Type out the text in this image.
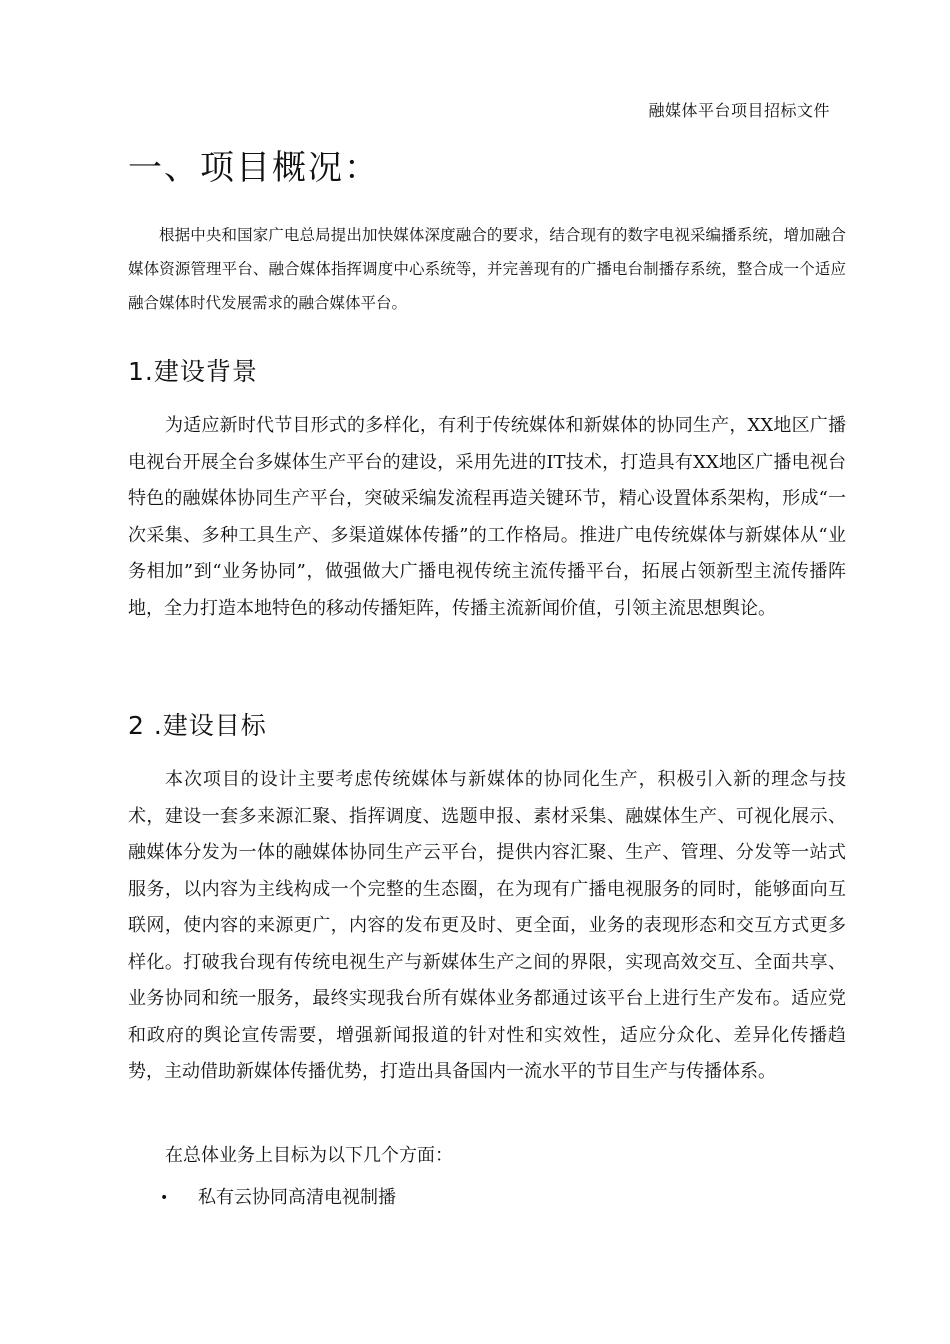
融媒体平台项目招标文件
一、项目概况：

根据中央和国家广电总局提出加快媒体深度融合的要求，结合现有的数字电视采编播系统，增加融合媒体资源管理平台、融合媒体指挥调度中心系统等，并完善现有的广播电台制播存系统，整合成一个适应融合媒体时代发展需求的融合媒体平台。

1.建设背景

为适应新时代节目形式的多样化，有利于传统媒体和新媒体的协同生产，XX地区广播电视台开展全台多媒体生产平台的建设，采用先进的IT技术，打造具有XX地区广播电视台特色的融媒体协同生产平台，突破采编发流程再造关键环节，精心设置体系架构，形成“一次采集、多种工具生产、多渠道媒体传播”的工作格局。推进广电传统媒体与新媒体从“业务相加”到“业务协同”，做强做大广播电视传统主流传播平台，拓展占领新型主流传播阵地，全力打造本地特色的移动传播矩阵，传播主流新闻价值，引领主流思想舆论。

2 .建设目标

本次项目的设计主要考虑传统媒体与新媒体的协同化生产，积极引入新的理念与技术，建设一套多来源汇聚、指挥调度、选题申报、素材采集、融媒体生产、可视化展示、融媒体分发为一体的融媒体协同生产云平台，提供内容汇聚、生产、管理、分发等一站式服务，以内容为主线构成一个完整的生态圈，在为现有广播电视服务的同时，能够面向互联网，使内容的来源更广，内容的发布更及时、更全面，业务的表现形态和交互方式更多样化。打破我台现有传统电视生产与新媒体生产之间的界限，实现高效交互、全面共享、业务协同和统一服务，最终实现我台所有媒体业务都通过该平台上进行生产发布。适应党和政府的舆论宣传需要，增强新闻报道的针对性和实效性，适应分众化、差异化传播趋势，主动借助新媒体传播优势，打造出具备国内一流水平的节目生产与传播体系。

在总体业务上目标为以下几个方面：

•	私有云协同高清电视制播
